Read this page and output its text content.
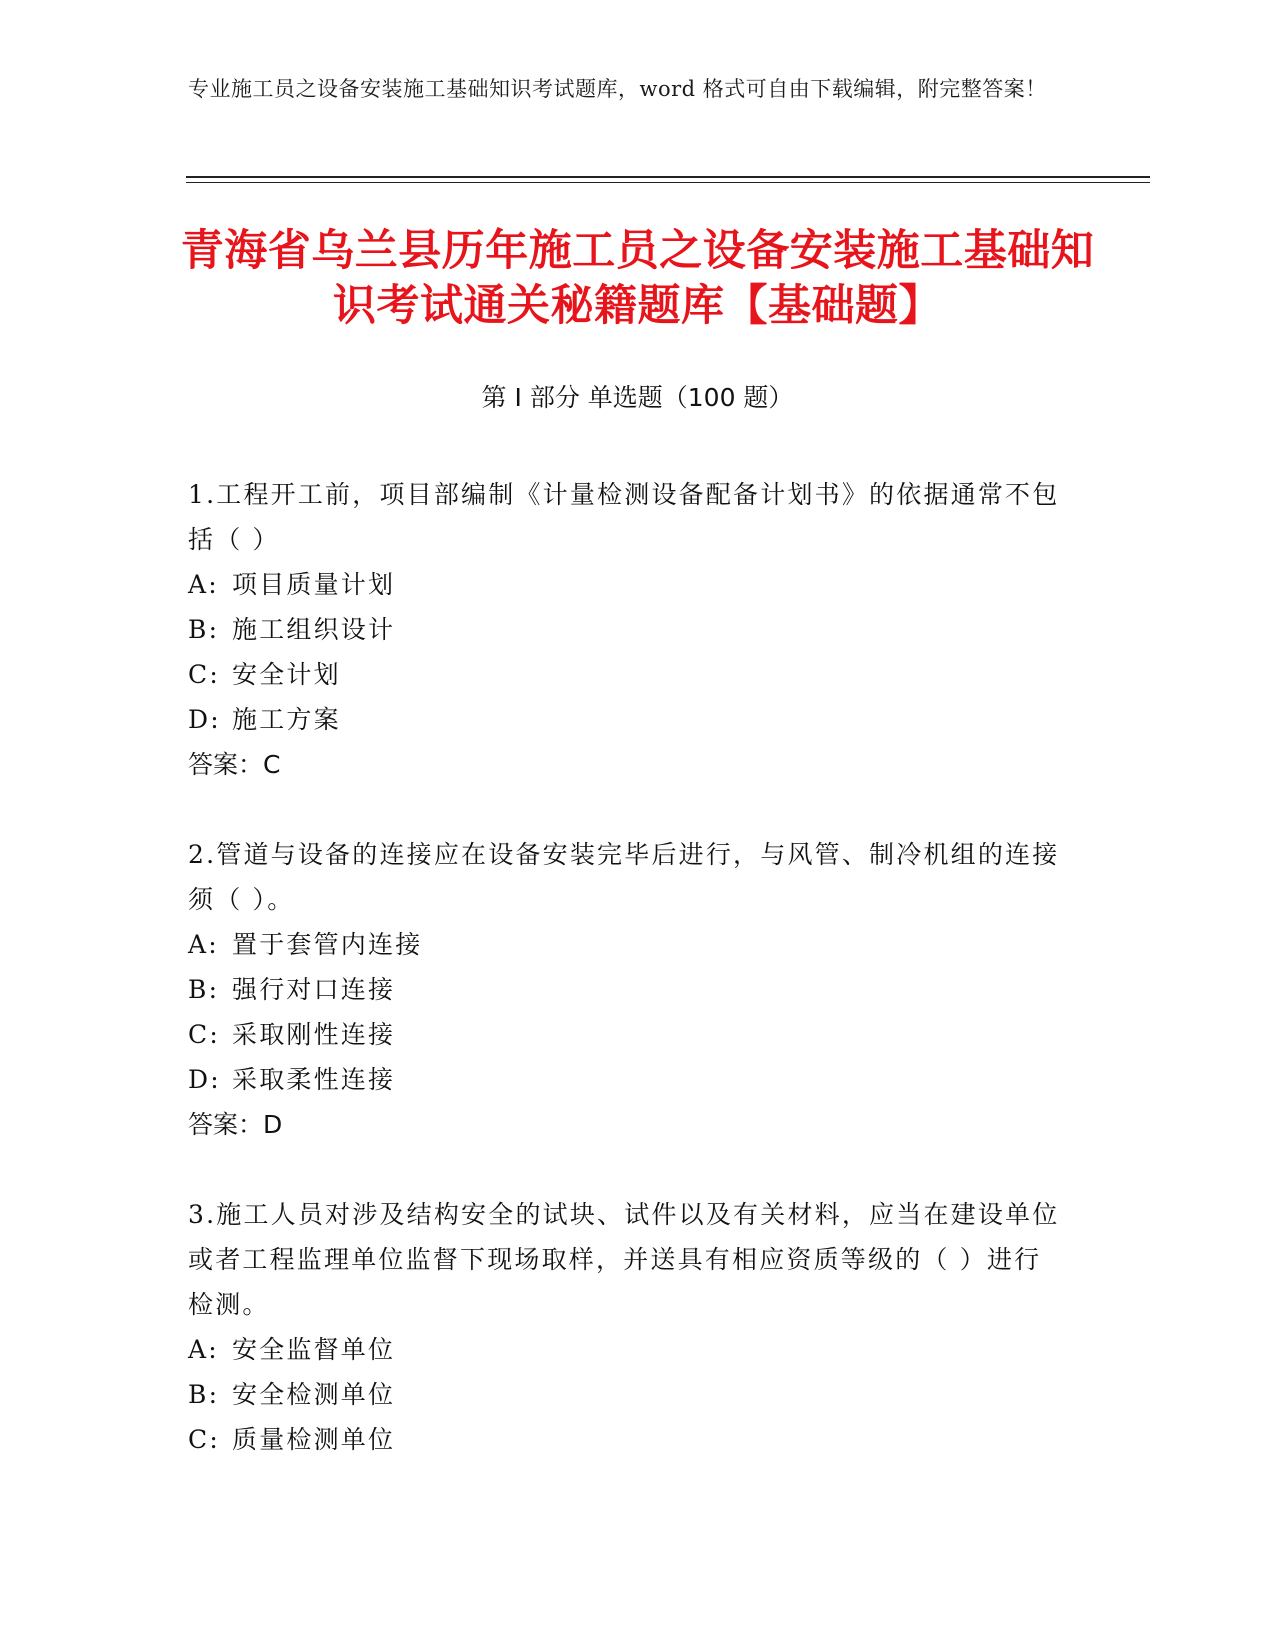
专业施工员之设备安装施工基础知识考试题库，word 格式可自由下载编辑，附完整答案！
青海省乌兰县历年施工员之设备安装施工基础知识考试通关秘籍题库【基础题】
第 I 部分 单选题（100 题）

1.工程开工前，项目部编制《计量检测设备配备计划书》的依据通常不包括（ ）

A: 项目质量计划

B: 施工组织设计

C: 安全计划

D: 施工方案

答案：C

2.管道与设备的连接应在设备安装完毕后进行，与风管、制冷机组的连接须（ ）。

A: 置于套管内连接

B: 强行对口连接

C: 采取刚性连接

D: 采取柔性连接

答案：D

3.施工人员对涉及结构安全的试块、试件以及有关材料，应当在建设单位或者工程监理单位监督下现场取样，并送具有相应资质等级的（ ）进行检测。

A: 安全监督单位

B: 安全检测单位

C: 质量检测单位
